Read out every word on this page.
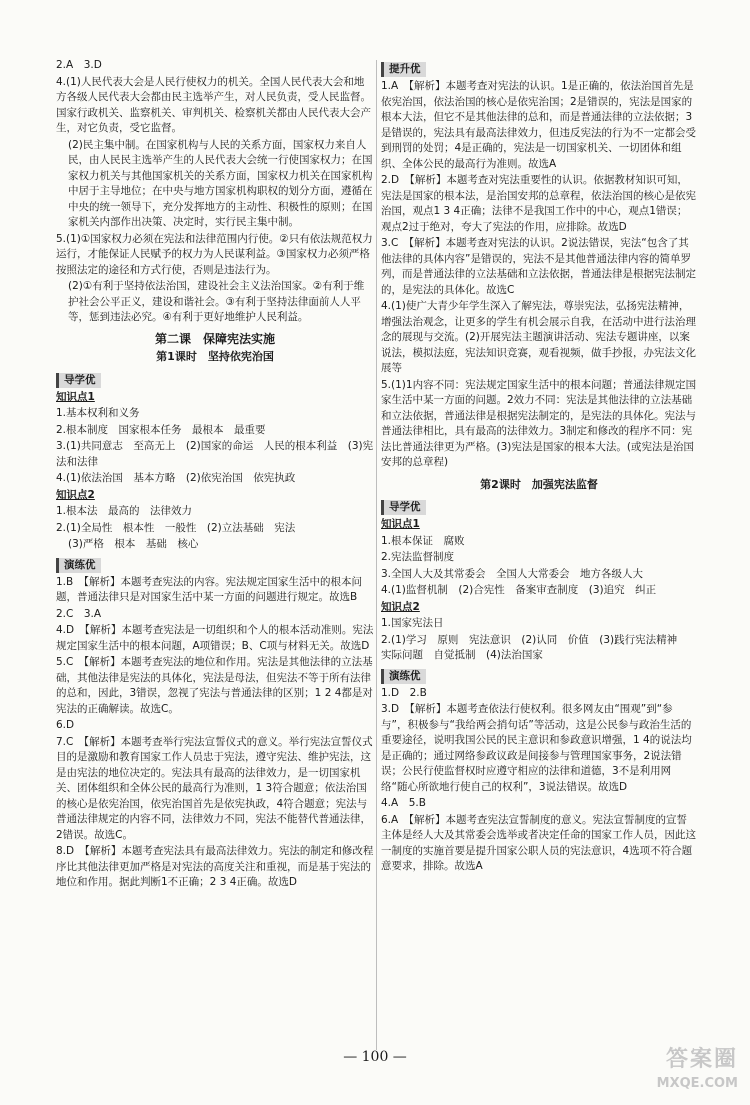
2.A　3.D

4.(1)人民代表大会是人民行使权力的机关。全国人民代表大会和地方各级人民代表大会都由民主选举产生，对人民负责，受人民监督。国家行政机关、监察机关、审判机关、检察机关都由人民代表大会产生，对它负责，受它监督。

(2)民主集中制。在国家机构与人民的关系方面，国家权力来自人民，由人民民主选举产生的人民代表大会统一行使国家权力；在国家权力机关与其他国家机关的关系方面，国家权力机关在国家机构中居于主导地位；在中央与地方国家机构职权的划分方面，遵循在中央的统一领导下，充分发挥地方的主动性、积极性的原则；在国家机关内部作出决策、决定时，实行民主集中制。

5.(1)①国家权力必须在宪法和法律范围内行使。②只有依法规范权力运行，才能保证人民赋予的权力为人民谋利益。③国家权力必须严格按照法定的途径和方式行使，否则是违法行为。

(2)①有利于坚持依法治国，建设社会主义法治国家。②有利于维护社会公平正义，建设和谐社会。③有利于坚持法律面前人人平等，惩到违法必究。④有利于更好地维护人民利益。

第二课　保障宪法实施
第1课时　坚持依宪治国
导学优

知识点1

1.基本权利和义务

2.根本制度　国家根本任务　最根本　最重要

3.(1)共同意志　至高无上　(2)国家的命运　人民的根本利益　(3)宪法和法律

4.(1)依法治国　基本方略　(2)依宪治国　依宪执政

知识点2

1.根本法　最高的　法律效力

2.(1)全局性　根本性　一般性　(2)立法基础　宪法

(3)严格　根本　基础　核心

演练优

1.B　【解析】本题考查宪法的内容。宪法规定国家生活中的根本问题，普通法律只是对国家生活中某一方面的问题进行规定。故选B

2.C　3.A

4.D　【解析】本题考查宪法是一切组织和个人的根本活动准则。宪法规定国家生活中的根本问题，A项错误；B、C项与材料无关。故选D

5.C　【解析】本题考查宪法的地位和作用。宪法是其他法律的立法基础，其他法律是宪法的具体化，宪法是母法，但宪法不等于所有法律的总和，因此，3错误，忽视了宪法与普通法律的区别；1 2 4都是对宪法的正确解读。故选C。

6.D

7.C　【解析】本题考查举行宪法宣誓仪式的意义。举行宪法宣誓仪式目的是激励和教育国家工作人员忠于宪法，遵守宪法、维护宪法，这是由宪法的地位决定的。宪法具有最高的法律效力，是一切国家机关、团体组织和全体公民的最高行为准则，1 3符合题意；依法治国的核心是依宪治国，依宪治国首先是依宪执政，4符合题意；宪法与普通法律规定的内容不同，法律效力不同，宪法不能替代普通法律，2错误。故选C。

8.D　【解析】本题考查宪法具有最高法律效力。宪法的制定和修改程序比其他法律更加严格是对宪法的高度关注和重视，而是基于宪法的地位和作用。据此判断1不正确；2 3 4正确。故选D

提升优

1.A　【解析】本题考查对宪法的认识。1是正确的，依法治国首先是依宪治国，依法治国的核心是依宪治国；2是错误的，宪法是国家的根本大法，但它不是其他法律的总和，而是普通法律的立法依据；3是错误的，宪法具有最高法律效力，但违反宪法的行为不一定都会受到刑罚的处罚；4是正确的，宪法是一切国家机关、一切团体和组织、全体公民的最高行为准则。故选A

2.D　【解析】本题考查对宪法重要性的认识。依据教材知识可知，宪法是国家的根本法，是治国安邦的总章程，依法治国的核心是依宪治国，观点1 3 4正确；法律不是我国工作中的中心，观点1错误；观点2过于绝对，夸大了宪法的作用，应排除。故选D

3.C　【解析】本题考查对宪法的认识。2说法错误，宪法“包含了其他法律的具体内容”是错误的，宪法不是其他普通法律内容的简单罗列，而是普通法律的立法基础和立法依据，普通法律是根据宪法制定的，是宪法的具体化。故选C

4.(1)使广大青少年学生深入了解宪法，尊崇宪法，弘扬宪法精神，增强法治观念，让更多的学生有机会展示自我，在活动中进行法治理念的展现与交流。(2)开展宪法主题演讲活动、宪法专题讲座，以案说法，模拟法庭，宪法知识竞赛，观看视频，做手抄报，办宪法文化展等

5.(1)1内容不同：宪法规定国家生活中的根本问题；普通法律规定国家生活中某一方面的问题。2效力不同：宪法是其他法律的立法基础和立法依据，普通法律是根据宪法制定的，是宪法的具体化。宪法与普通法律相比，具有最高的法律效力。3制定和修改的程序不同：宪法比普通法律更为严格。(3)宪法是国家的根本大法。(或宪法是治国安邦的总章程)

第2课时　加强宪法监督
导学优

知识点1

1.根本保证　腐败

2.宪法监督制度

3.全国人大及其常委会　全国人大常委会　地方各级人大

4.(1)监督机制　(2)合宪性　备案审查制度　(3)追究　纠正

知识点2

1.国家宪法日

2.(1)学习　原则　宪法意识　(2)认同　价值　(3)践行宪法精神　实际问题　自觉抵制　(4)法治国家

演练优

1.D　2.B

3.D　【解析】本题考查依法行使权利。很多网友由“围观”到“参与”，积极参与“我给两会捎句话”等活动，这是公民参与政治生活的重要途径，说明我国公民的民主意识和参政意识增强，1 4的说法均是正确的；通过网络参政议政是间接参与管理国家事务，2说法错误；公民行使监督权时应遵守相应的法律和道德，3不是利用网络“随心所欲地行使自己的权利”，3说法错误。故选D

4.A　5.B

6.A　【解析】本题考查宪法宣誓制度的意义。宪法宣誓制度的宣誓主体是经人大及其常委会选举或者决定任命的国家工作人员，因此这一制度的实施首要是提升国家公职人员的宪法意识，4选项不符合题意要求，排除。故选A

— 100 —	答案圈
MXQE.COM
